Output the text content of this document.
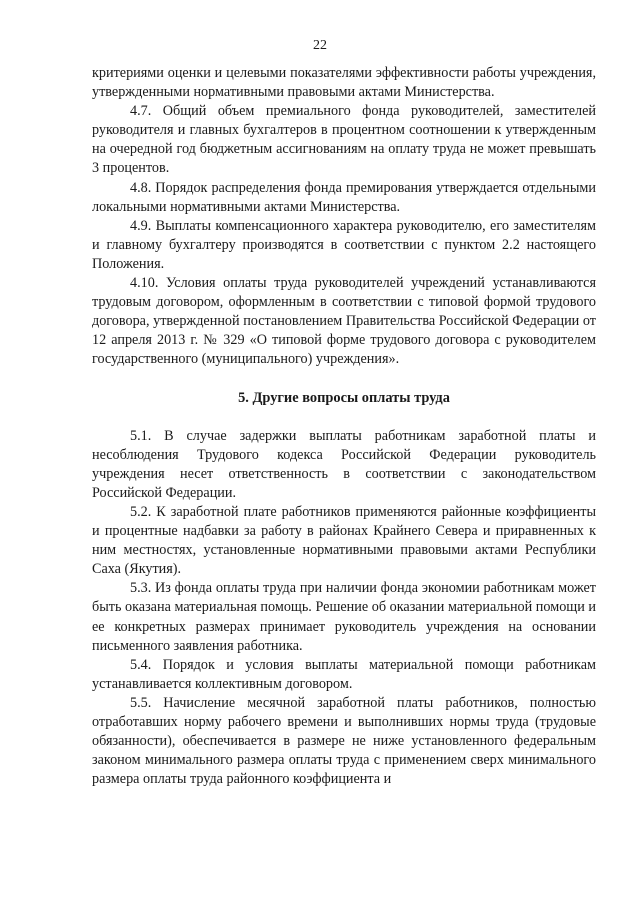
22

критериями оценки и целевыми показателями эффективности работы учреждения, утвержденными нормативными правовыми актами Министерства.

4.7. Общий объем премиального фонда руководителей, заместителей руководителя и главных бухгалтеров в процентном соотношении к утвержденным на очередной год бюджетным ассигнованиям на оплату труда не может превышать 3 процентов.

4.8. Порядок распределения фонда премирования утверждается отдельными локальными нормативными актами Министерства.

4.9. Выплаты компенсационного характера руководителю, его заместителям и главному бухгалтеру производятся в соответствии с пунктом 2.2 настоящего Положения.

4.10. Условия оплаты труда руководителей учреждений устанавливаются трудовым договором, оформленным в соответствии с типовой формой трудового договора, утвержденной постановлением Правительства Российской Федерации от 12 апреля 2013 г. № 329 «О типовой форме трудового договора с руководителем государственного (муниципального) учреждения».

5. Другие вопросы оплаты труда

5.1. В случае задержки выплаты работникам заработной платы и несоблюдения Трудового кодекса Российской Федерации руководитель учреждения несет ответственность в соответствии с законодательством Российской Федерации.

5.2. К заработной плате работников применяются районные коэффициенты и процентные надбавки за работу в районах Крайнего Севера и приравненных к ним местностях, установленные нормативными правовыми актами Республики Саха (Якутия).

5.3. Из фонда оплаты труда при наличии фонда экономии работникам может быть оказана материальная помощь. Решение об оказании материальной помощи и ее конкретных размерах принимает руководитель учреждения на основании письменного заявления работника.

5.4. Порядок и условия выплаты материальной помощи работникам устанавливается коллективным договором.

5.5. Начисление месячной заработной платы работников, полностью отработавших норму рабочего времени и выполнивших нормы труда (трудовые обязанности), обеспечивается в размере не ниже установленного федеральным законом минимального размера оплаты труда с применением сверх минимального размера оплаты труда районного коэффициента и
